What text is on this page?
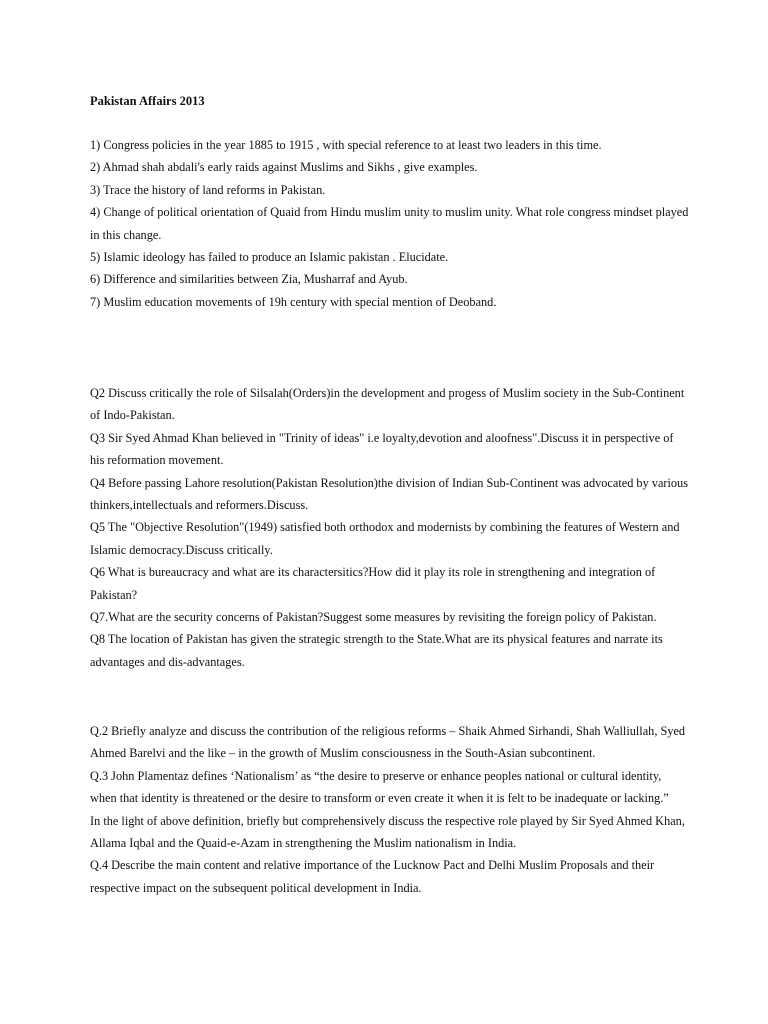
Pakistan Affairs 2013

1) Congress policies in the year 1885 to 1915 , with special reference to at least two leaders in this time.

2) Ahmad shah abdali's early raids against Muslims and Sikhs , give examples.

3) Trace the history of land reforms in Pakistan.

4) Change of political orientation of Quaid from Hindu muslim unity to muslim unity. What role congress mindset played in this change.

5) Islamic ideology has failed to produce an Islamic pakistan . Elucidate.

6) Difference and similarities between Zia, Musharraf and Ayub.

7) Muslim education movements of 19h century with special mention of Deoband.

Q2 Discuss critically the role of Silsalah(Orders)in the development and progess of Muslim society in the Sub-Continent of Indo-Pakistan.

Q3 Sir Syed Ahmad Khan believed in "Trinity of ideas" i.e loyalty,devotion and aloofness".Discuss it in perspective of his reformation movement.

Q4 Before passing Lahore resolution(Pakistan Resolution)the division of Indian Sub-Continent was advocated by various thinkers,intellectuals and reformers.Discuss.

Q5 The "Objective Resolution"(1949) satisfied both orthodox and modernists by combining the features of Western and Islamic democracy.Discuss critically.

Q6 What is bureaucracy and what are its charactersitics?How did it play its role in strengthening and integration of Pakistan?

Q7.What are the security concerns of Pakistan?Suggest some measures by revisiting the foreign policy of Pakistan.

Q8 The location of Pakistan has given the strategic strength to the State.What are its physical features and narrate its advantages and dis-advantages.

Q.2 Briefly analyze and discuss the contribution of the religious reforms – Shaik Ahmed Sirhandi, Shah Walliullah, Syed Ahmed Barelvi and the like – in the growth of Muslim consciousness in the South-Asian subcontinent.

Q.3 John Plamentaz defines ‘Nationalism’ as “the desire to preserve or enhance peoples national or cultural identity, when that identity is threatened or the desire to transform or even create it when it is felt to be inadequate or lacking.”

In the light of above definition, briefly but comprehensively discuss the respective role played by Sir Syed Ahmed Khan, Allama Iqbal and the Quaid-e-Azam in strengthening the Muslim nationalism in India.

Q.4 Describe the main content and relative importance of the Lucknow Pact and Delhi Muslim Proposals and their respective impact on the subsequent political development in India.
